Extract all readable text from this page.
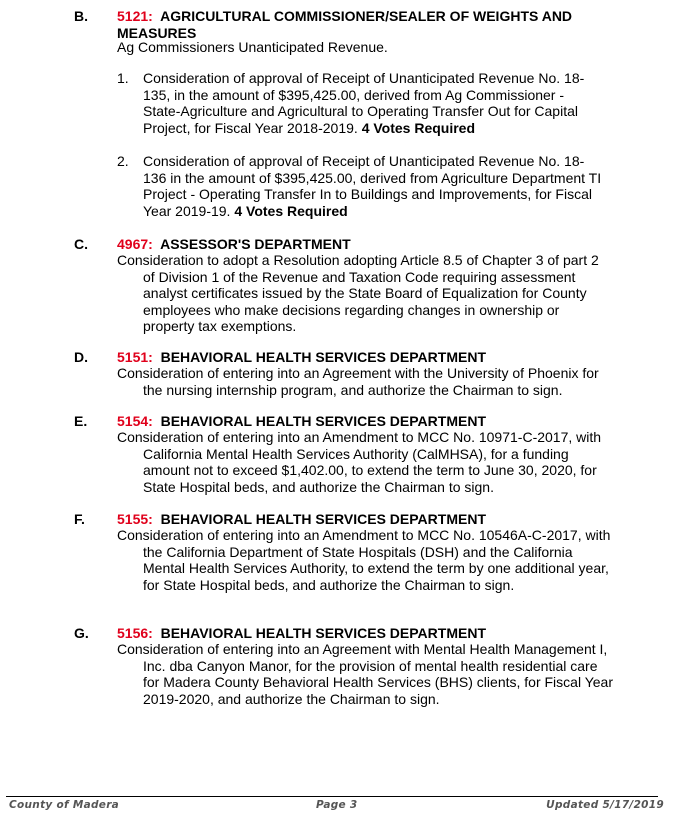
B. 5121: AGRICULTURAL COMMISSIONER/SEALER OF WEIGHTS AND MEASURES
Ag Commissioners Unanticipated Revenue.
1. Consideration of approval of Receipt of Unanticipated Revenue No. 18-135, in the amount of $395,425.00, derived from Ag Commissioner - State-Agriculture and Agricultural to Operating Transfer Out for Capital Project, for Fiscal Year 2018-2019. 4 Votes Required
2. Consideration of approval of Receipt of Unanticipated Revenue No. 18-136 in the amount of $395,425.00, derived from Agriculture Department TI Project - Operating Transfer In to Buildings and Improvements, for Fiscal Year 2019-19. 4 Votes Required
C. 4967: ASSESSOR'S DEPARTMENT
Consideration to adopt a Resolution adopting Article 8.5 of Chapter 3 of part 2 of Division 1 of the Revenue and Taxation Code requiring assessment analyst certificates issued by the State Board of Equalization for County employees who make decisions regarding changes in ownership or property tax exemptions.
D. 5151: BEHAVIORAL HEALTH SERVICES DEPARTMENT
Consideration of entering into an Agreement with the University of Phoenix for the nursing internship program, and authorize the Chairman to sign.
E. 5154: BEHAVIORAL HEALTH SERVICES DEPARTMENT
Consideration of entering into an Amendment to MCC No. 10971-C-2017, with California Mental Health Services Authority (CalMHSA), for a funding amount not to exceed $1,402.00, to extend the term to June 30, 2020, for State Hospital beds, and authorize the Chairman to sign.
F. 5155: BEHAVIORAL HEALTH SERVICES DEPARTMENT
Consideration of entering into an Amendment to MCC No. 10546A-C-2017, with the California Department of State Hospitals (DSH) and the California Mental Health Services Authority, to extend the term by one additional year, for State Hospital beds, and authorize the Chairman to sign.
G. 5156: BEHAVIORAL HEALTH SERVICES DEPARTMENT
Consideration of entering into an Agreement with Mental Health Management I, Inc. dba Canyon Manor, for the provision of mental health residential care for Madera County Behavioral Health Services (BHS) clients, for Fiscal Year 2019-2020, and authorize the Chairman to sign.
County of Madera	Page 3	Updated 5/17/2019
